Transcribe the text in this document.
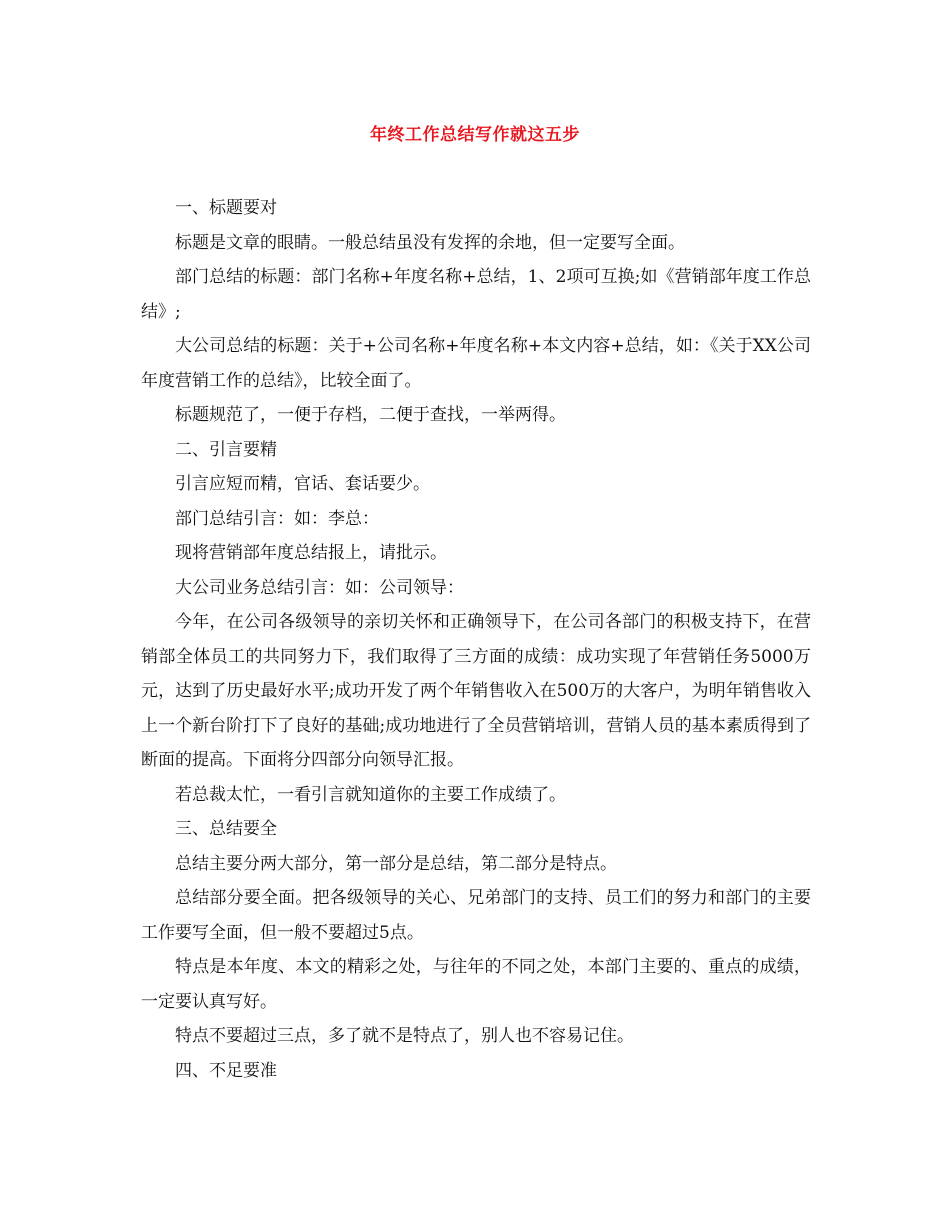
年终工作总结写作就这五步

一、标题要对

标题是文章的眼睛。一般总结虽没有发挥的余地，但一定要写全面。

部门总结的标题：部门名称+年度名称+总结，1、2项可互换;如《营销部年度工作总结》;

大公司总结的标题：关于+公司名称+年度名称+本文内容+总结，如：《关于XX公司年度营销工作的总结》，比较全面了。

标题规范了，一便于存档，二便于查找，一举两得。

二、引言要精

引言应短而精，官话、套话要少。

部门总结引言：如：李总：

现将营销部年度总结报上，请批示。

大公司业务总结引言：如：公司领导：

今年，在公司各级领导的亲切关怀和正确领导下，在公司各部门的积极支持下，在营销部全体员工的共同努力下，我们取得了三方面的成绩：成功实现了年营销任务5000万元，达到了历史最好水平;成功开发了两个年销售收入在500万的大客户，为明年销售收入上一个新台阶打下了良好的基础;成功地进行了全员营销培训，营销人员的基本素质得到了断面的提高。下面将分四部分向领导汇报。

若总裁太忙，一看引言就知道你的主要工作成绩了。

三、总结要全

总结主要分两大部分，第一部分是总结，第二部分是特点。

总结部分要全面。把各级领导的关心、兄弟部门的支持、员工们的努力和部门的主要工作要写全面，但一般不要超过5点。

特点是本年度、本文的精彩之处，与往年的不同之处，本部门主要的、重点的成绩，一定要认真写好。

特点不要超过三点，多了就不是特点了，别人也不容易记住。

四、不足要准
